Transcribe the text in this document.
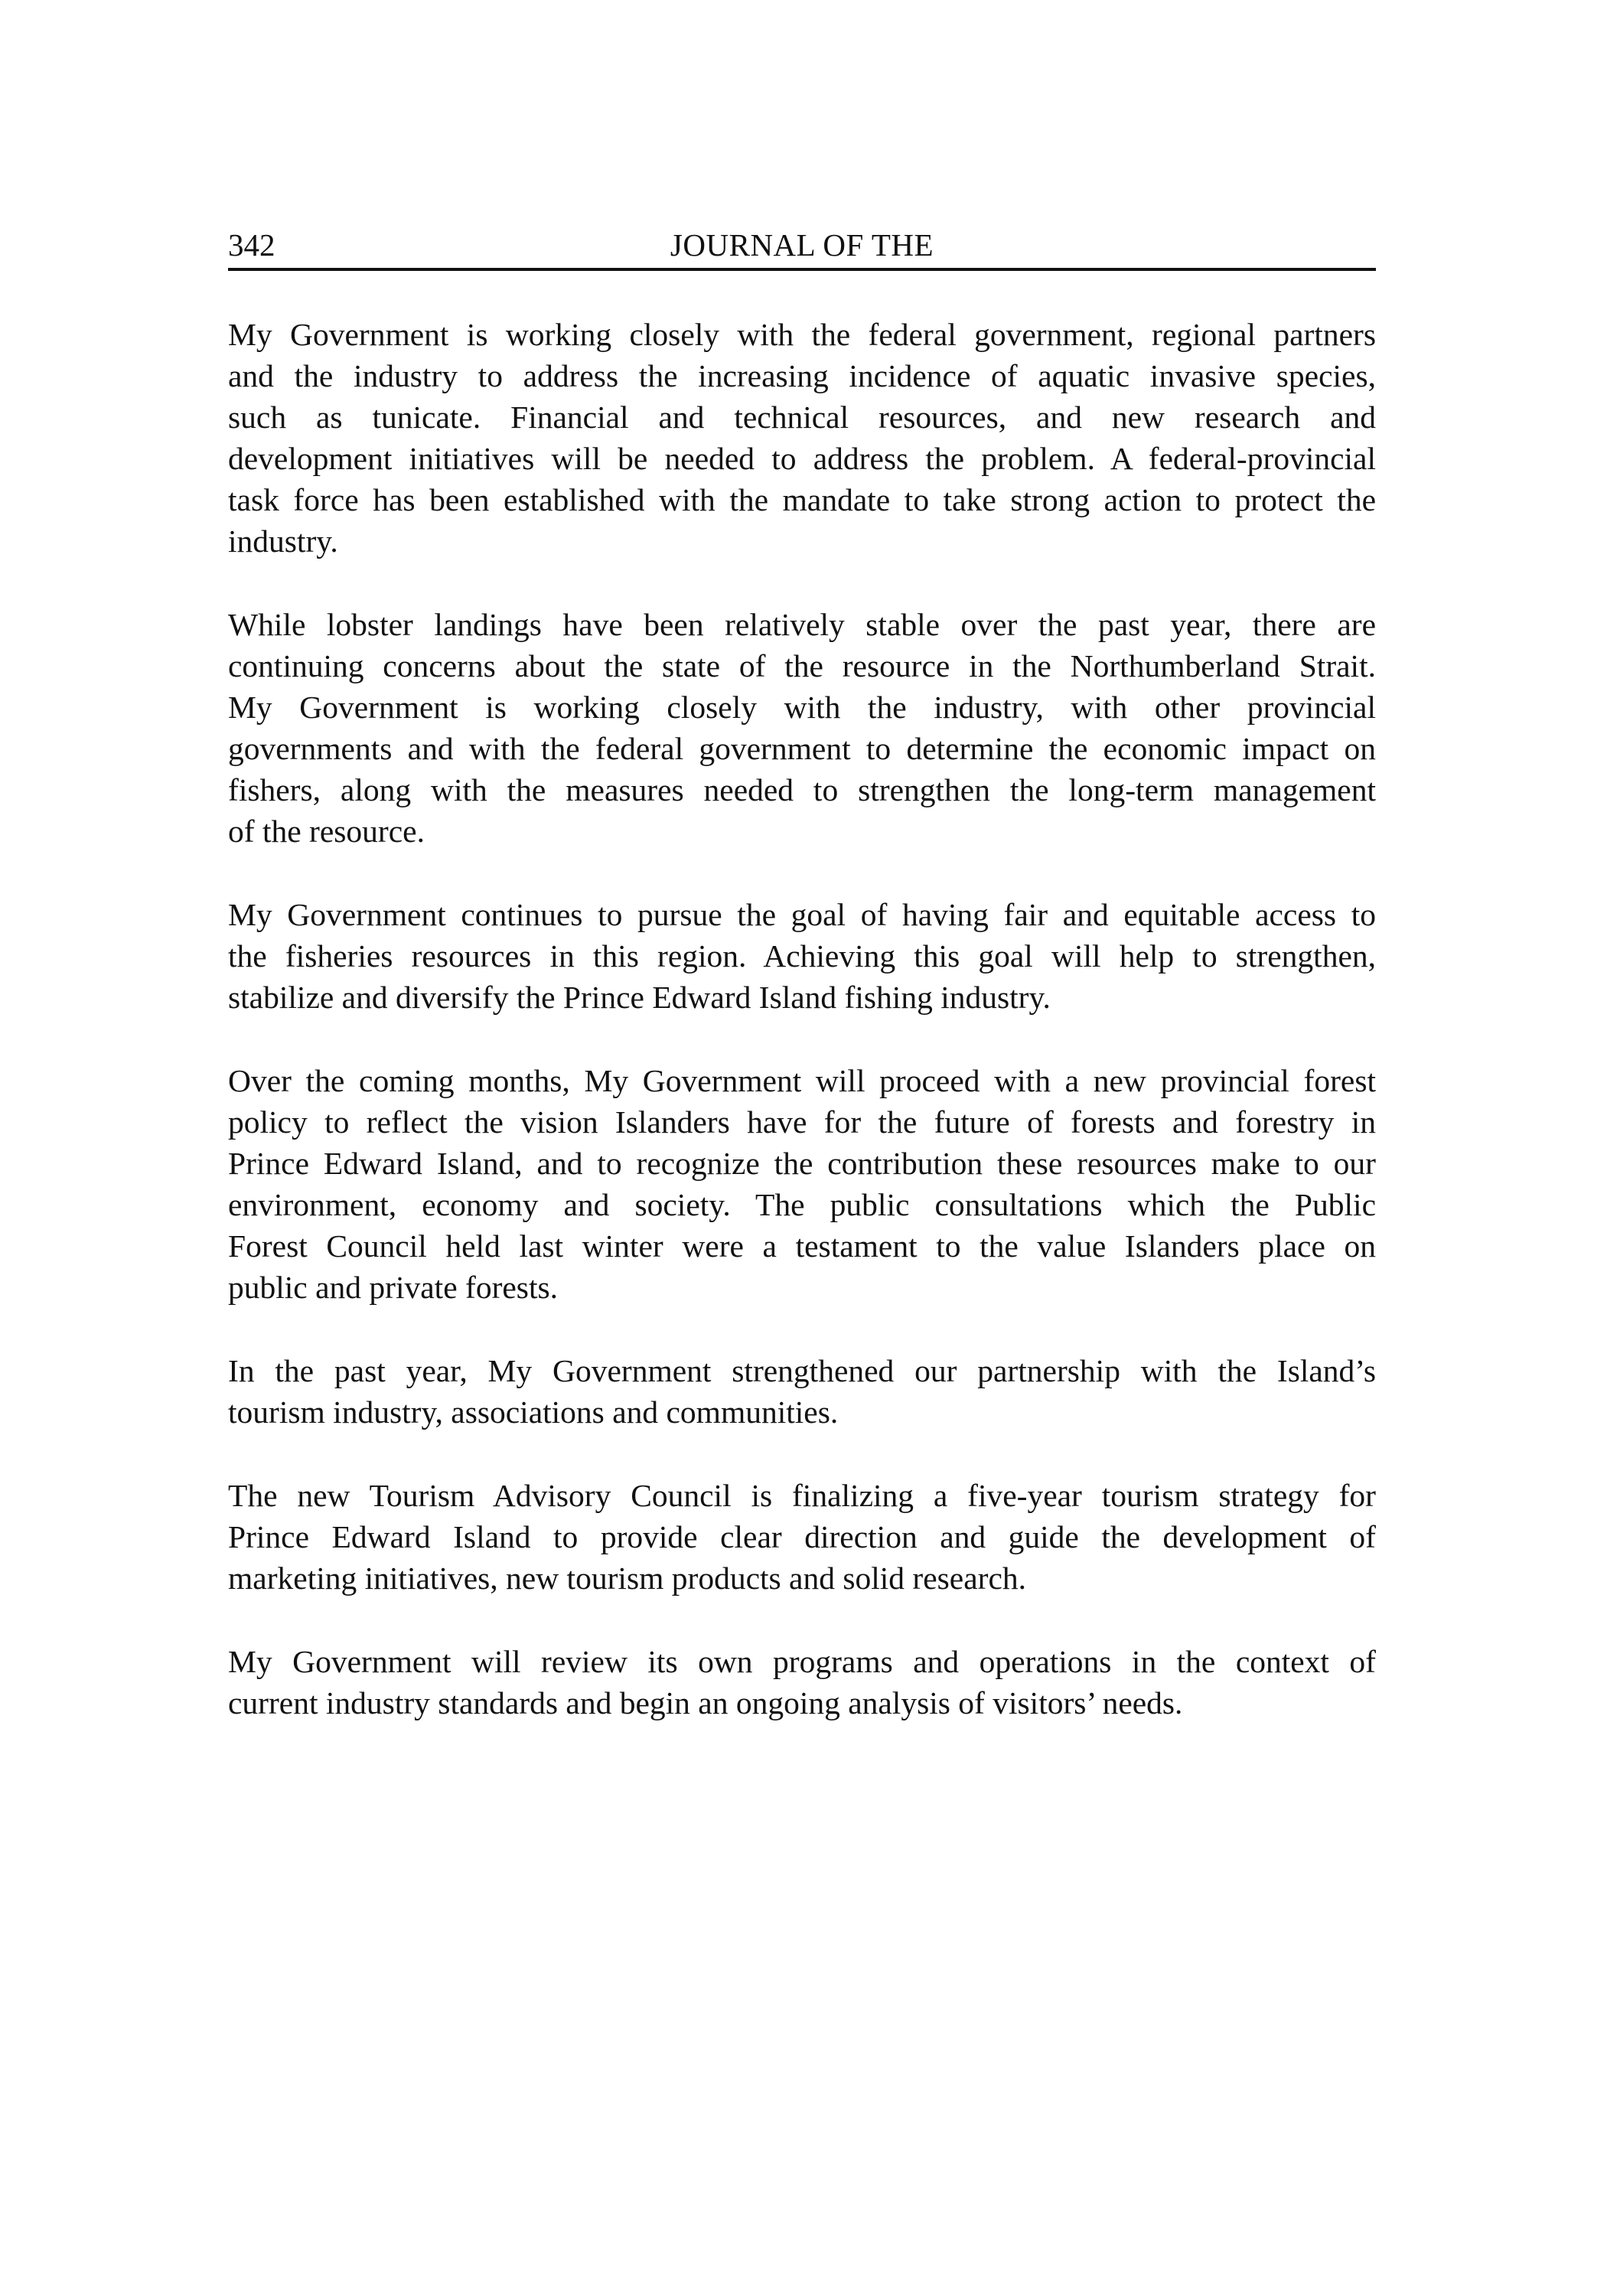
342	JOURNAL OF THE

My Government is working closely with the federal government, regional partners
and the industry to address the increasing incidence of aquatic invasive species,
such as tunicate. Financial and technical resources, and new research and
development initiatives will be needed to address the problem. A federal-provincial
task force has been established with the mandate to take strong action to protect the
industry.

While lobster landings have been relatively stable over the past year, there are
continuing concerns about the state of the resource in the Northumberland Strait.
My Government is working closely with the industry, with other provincial
governments and with the federal government to determine the economic impact on
fishers, along with the measures needed to strengthen the long-term management
of the resource.

My Government continues to pursue the goal of having fair and equitable access to
the fisheries resources in this region. Achieving this goal will help to strengthen,
stabilize and diversify the Prince Edward Island fishing industry.

Over the coming months, My Government will proceed with a new provincial forest
policy to reflect the vision Islanders have for the future of forests and forestry in
Prince Edward Island, and to recognize the contribution these resources make to our
environment, economy and society. The public consultations which the Public
Forest Council held last winter were a testament to the value Islanders place on
public and private forests.

In the past year, My Government strengthened our partnership with the Island’s
tourism industry, associations and communities.

The new Tourism Advisory Council is finalizing a five-year tourism strategy for
Prince Edward Island to provide clear direction and guide the development of
marketing initiatives, new tourism products and solid research.

My Government will review its own programs and operations in the context of
current industry standards and begin an ongoing analysis of visitors’ needs.
